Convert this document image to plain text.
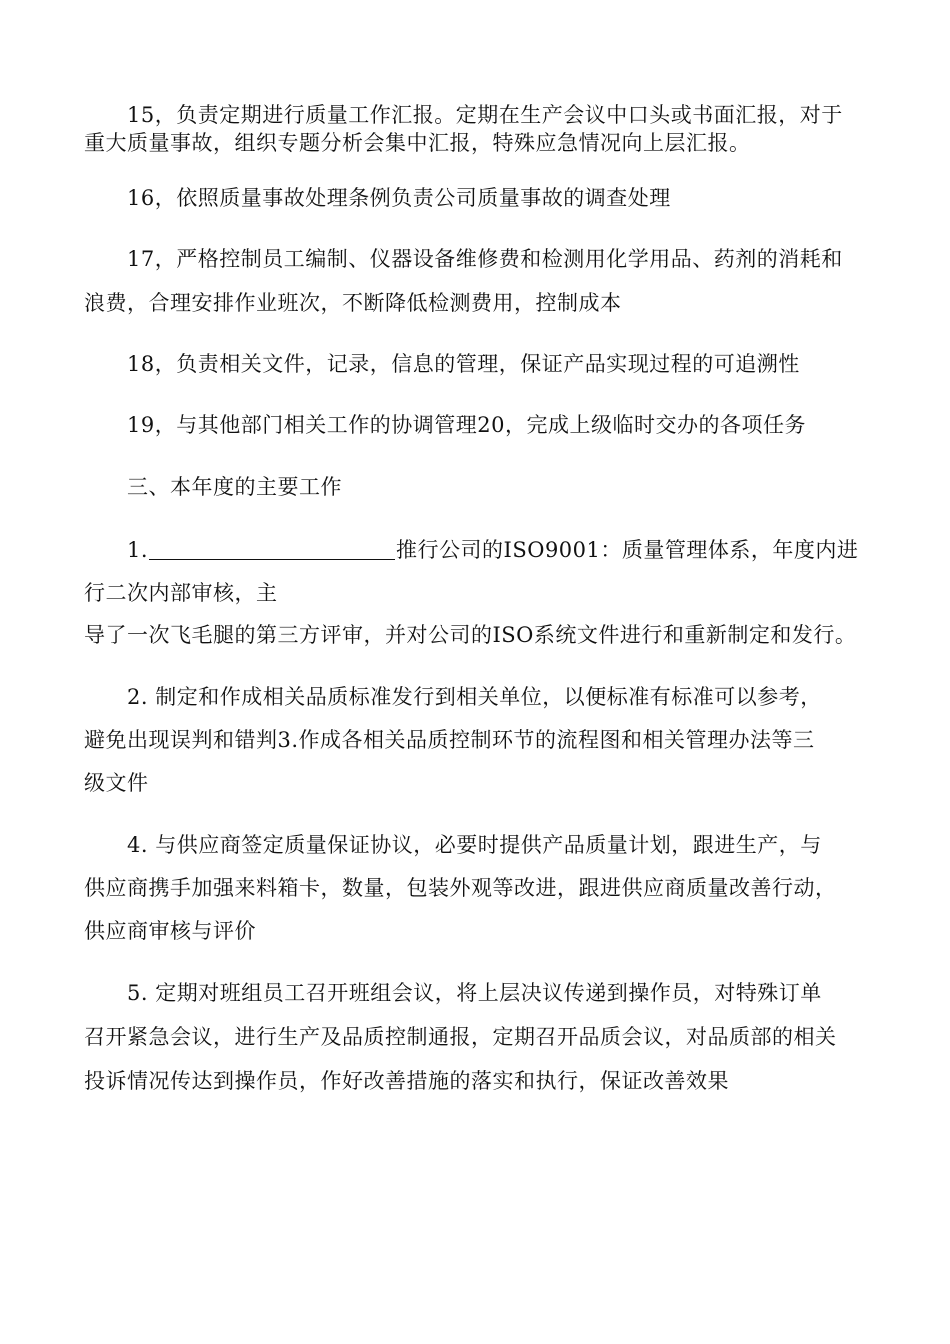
15，负责定期进行质量工作汇报。定期在生产会议中口头或书面汇报，对于
重大质量事故，组织专题分析会集中汇报，特殊应急情况向上层汇报。
16，依照质量事故处理条例负责公司质量事故的调查处理
17，严格控制员工编制、仪器设备维修费和检测用化学用品、药剂的消耗和
浪费，合理安排作业班次，不断降低检测费用，控制成本
18，负责相关文件，记录，信息的管理，保证产品实现过程的可追溯性
19，与其他部门相关工作的协调管理20，完成上级临时交办的各项任务
三、本年度的主要工作
1.	推行公司的ISO9001：质量管理体系，年度内进
行二次内部审核，主
导了一次飞毛腿的第三方评审，并对公司的ISO系统文件进行和重新制定和发行。
2. 制定和作成相关品质标准发行到相关单位，以便标准有标准可以参考，
避免出现误判和错判3.作成各相关品质控制环节的流程图和相关管理办法等三
级文件
4. 与供应商签定质量保证协议，必要时提供产品质量计划，跟进生产，与
供应商携手加强来料箱卡，数量，包装外观等改进，跟进供应商质量改善行动，
供应商审核与评价
5. 定期对班组员工召开班组会议，将上层决议传递到操作员，对特殊订单
召开紧急会议，进行生产及品质控制通报，定期召开品质会议，对品质部的相关
投诉情况传达到操作员，作好改善措施的落实和执行，保证改善效果
